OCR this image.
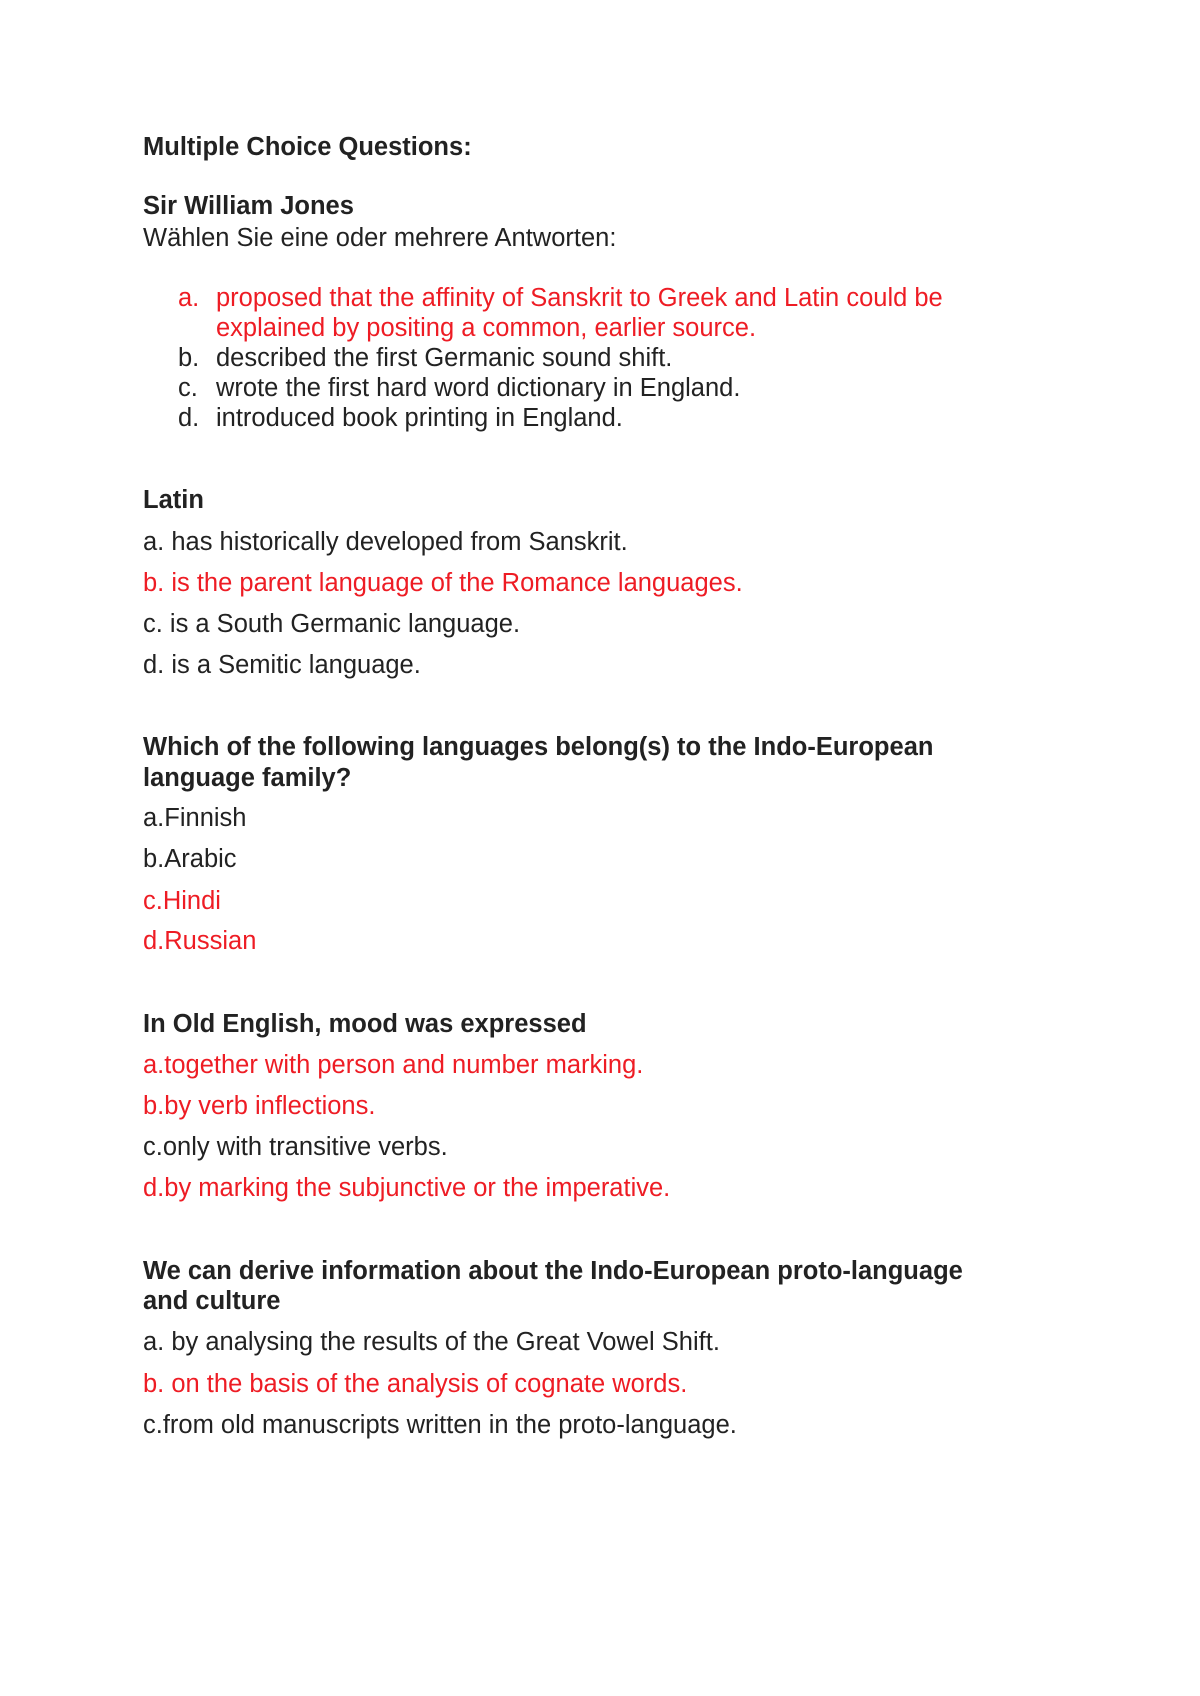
Multiple Choice Questions:
Sir William Jones
Wählen Sie eine oder mehrere Antworten:
a. proposed that the affinity of Sanskrit to Greek and Latin could be
explained by positing a common, earlier source.
b. described the first Germanic sound shift.
c. wrote the first hard word dictionary in England.
d. introduced book printing in England.
Latin
a. has historically developed from Sanskrit.
b. is the parent language of the Romance languages.
c. is a South Germanic language.
d. is a Semitic language.
Which of the following languages belong(s) to the Indo-European
language family?
a.Finnish
b.Arabic
c.Hindi
d.Russian
In Old English, mood was expressed
a.together with person and number marking.
b.by verb inflections.
c.only with transitive verbs.
d.by marking the subjunctive or the imperative.
We can derive information about the Indo-European proto-language
and culture
a. by analysing the results of the Great Vowel Shift.
b. on the basis of the analysis of cognate words.
c.from old manuscripts written in the proto-language.
